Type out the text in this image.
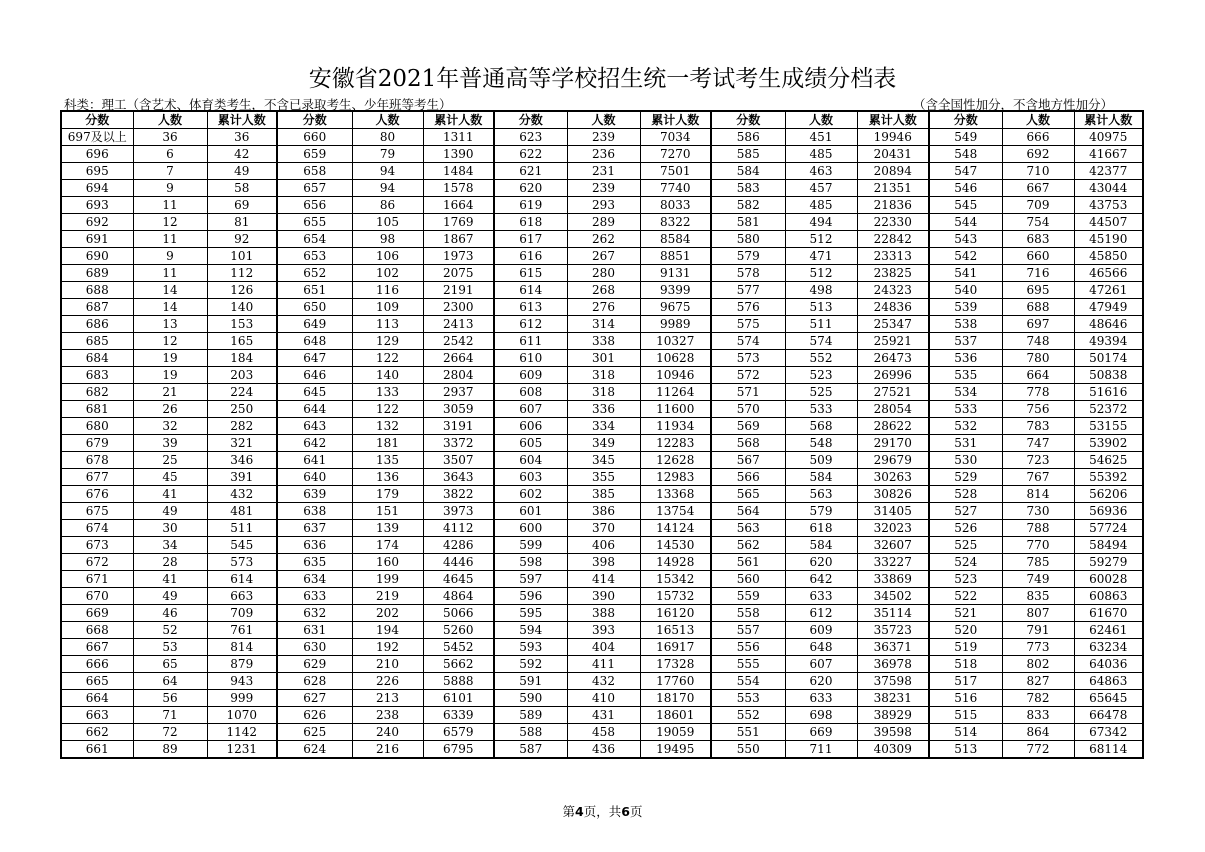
安徽省2021年普通高等学校招生统一考试考生成绩分档表
科类：理工（含艺术、体育类考生，不含已录取考生、少年班等考生）	（含全国性加分，不含地方性加分）
分数	人数	累计人数	分数	人数	累计人数	分数	人数	累计人数	分数	人数	累计人数	分数	人数	累计人数
697及以上	36	36	660	80	1311	623	239	7034	586	451	19946	549	666	40975
696	6	42	659	79	1390	622	236	7270	585	485	20431	548	692	41667
695	7	49	658	94	1484	621	231	7501	584	463	20894	547	710	42377
694	9	58	657	94	1578	620	239	7740	583	457	21351	546	667	43044
693	11	69	656	86	1664	619	293	8033	582	485	21836	545	709	43753
692	12	81	655	105	1769	618	289	8322	581	494	22330	544	754	44507
691	11	92	654	98	1867	617	262	8584	580	512	22842	543	683	45190
690	9	101	653	106	1973	616	267	8851	579	471	23313	542	660	45850
689	11	112	652	102	2075	615	280	9131	578	512	23825	541	716	46566
688	14	126	651	116	2191	614	268	9399	577	498	24323	540	695	47261
687	14	140	650	109	2300	613	276	9675	576	513	24836	539	688	47949
686	13	153	649	113	2413	612	314	9989	575	511	25347	538	697	48646
685	12	165	648	129	2542	611	338	10327	574	574	25921	537	748	49394
684	19	184	647	122	2664	610	301	10628	573	552	26473	536	780	50174
683	19	203	646	140	2804	609	318	10946	572	523	26996	535	664	50838
682	21	224	645	133	2937	608	318	11264	571	525	27521	534	778	51616
681	26	250	644	122	3059	607	336	11600	570	533	28054	533	756	52372
680	32	282	643	132	3191	606	334	11934	569	568	28622	532	783	53155
679	39	321	642	181	3372	605	349	12283	568	548	29170	531	747	53902
678	25	346	641	135	3507	604	345	12628	567	509	29679	530	723	54625
677	45	391	640	136	3643	603	355	12983	566	584	30263	529	767	55392
676	41	432	639	179	3822	602	385	13368	565	563	30826	528	814	56206
675	49	481	638	151	3973	601	386	13754	564	579	31405	527	730	56936
674	30	511	637	139	4112	600	370	14124	563	618	32023	526	788	57724
673	34	545	636	174	4286	599	406	14530	562	584	32607	525	770	58494
672	28	573	635	160	4446	598	398	14928	561	620	33227	524	785	59279
671	41	614	634	199	4645	597	414	15342	560	642	33869	523	749	60028
670	49	663	633	219	4864	596	390	15732	559	633	34502	522	835	60863
669	46	709	632	202	5066	595	388	16120	558	612	35114	521	807	61670
668	52	761	631	194	5260	594	393	16513	557	609	35723	520	791	62461
667	53	814	630	192	5452	593	404	16917	556	648	36371	519	773	63234
666	65	879	629	210	5662	592	411	17328	555	607	36978	518	802	64036
665	64	943	628	226	5888	591	432	17760	554	620	37598	517	827	64863
664	56	999	627	213	6101	590	410	18170	553	633	38231	516	782	65645
663	71	1070	626	238	6339	589	431	18601	552	698	38929	515	833	66478
662	72	1142	625	240	6579	588	458	19059	551	669	39598	514	864	67342
661	89	1231	624	216	6795	587	436	19495	550	711	40309	513	772	68114
第4页，共6页
